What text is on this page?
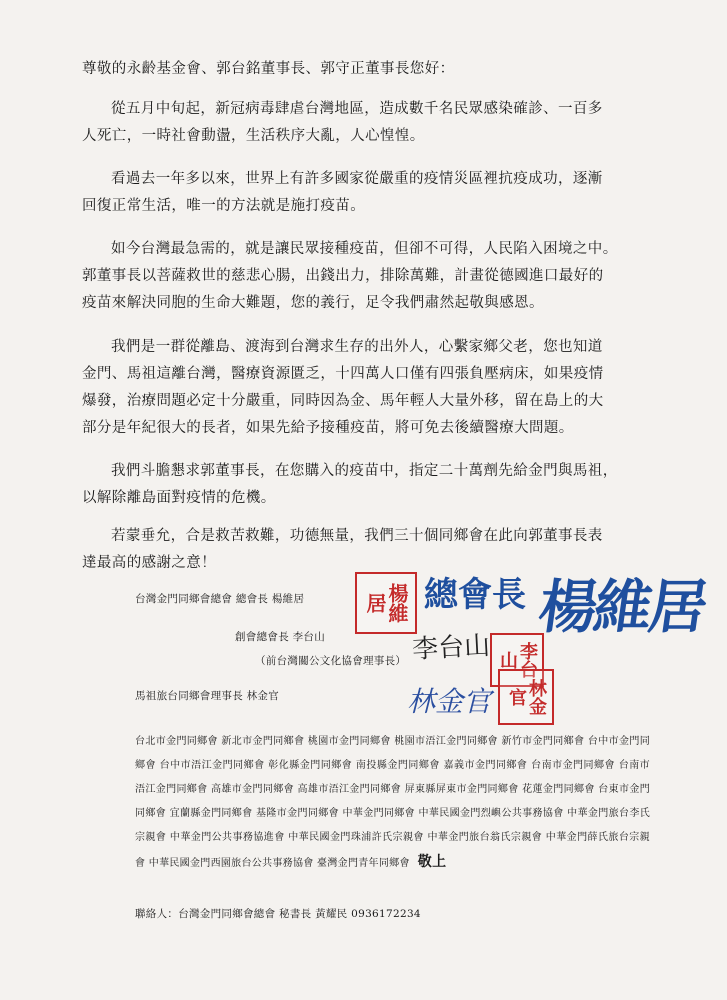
尊敬的永齡基金會、郭台銘董事長、郭守正董事長您好：

從五月中旬起，新冠病毒肆虐台灣地區，造成數千名民眾感染確診、一百多
人死亡，一時社會動盪，生活秩序大亂，人心惶惶。

看過去一年多以來，世界上有許多國家從嚴重的疫情災區裡抗疫成功，逐漸
回復正常生活，唯一的方法就是施打疫苗。

如今台灣最急需的，就是讓民眾接種疫苗，但卻不可得，人民陷入困境之中。
郭董事長以菩薩救世的慈悲心腸，出錢出力，排除萬難，計畫從德國進口最好的
疫苗來解決同胞的生命大難題，您的義行，足令我們肅然起敬與感恩。

我們是一群從離島、渡海到台灣求生存的出外人，心繫家鄉父老，您也知道
金門、馬祖這離台灣，醫療資源匱乏，十四萬人口僅有四張負壓病床，如果疫情
爆發，治療問題必定十分嚴重，同時因為金、馬年輕人大量外移，留在島上的大
部分是年紀很大的長者，如果先給予接種疫苗，將可免去後續醫療大問題。

我們斗膽懇求郭董事長，在您購入的疫苗中，指定二十萬劑先給金門與馬祖，
以解除離島面對疫情的危機。

若蒙垂允，合是救苦救難，功德無量，我們三十個同鄉會在此向郭董事長表
達最高的感謝之意！

台灣金門同鄉會總會 總會長 楊維居
創會總會長 李台山
（前台灣關公文化協會理事長）
馬祖旅台同鄉會理事長 林金官
楊維居	總會長 楊維居
李台山	李台山
林金官	林金官

台北市金門同鄉會 新北市金門同鄉會 桃園市金門同鄉會 桃園市浯江金門同鄉會 新竹市金門同鄉會 台中市金門同鄉會 台中市浯江金門同鄉會 彰化縣金門同鄉會 南投縣金門同鄉會 嘉義市金門同鄉會 台南市金門同鄉會 台南市浯江金門同鄉會 高雄市金門同鄉會 高雄市浯江金門同鄉會 屏東縣屏東市金門同鄉會 花蓮金門同鄉會 台東市金門同鄉會 宜蘭縣金門同鄉會 基隆市金門同鄉會 中華金門同鄉會 中華民國金門烈嶼公共事務協會 中華金門旅台李氏宗親會 中華金門公共事務協進會 中華民國金門珠浦許氏宗親會 中華金門旅台翁氏宗親會 中華金門薛氏旅台宗親會 中華民國金門西園旅台公共事務協會 臺灣金門青年同鄉會 敬上

聯絡人：台灣金門同鄉會總會 秘書長 黃耀民 0936172234
